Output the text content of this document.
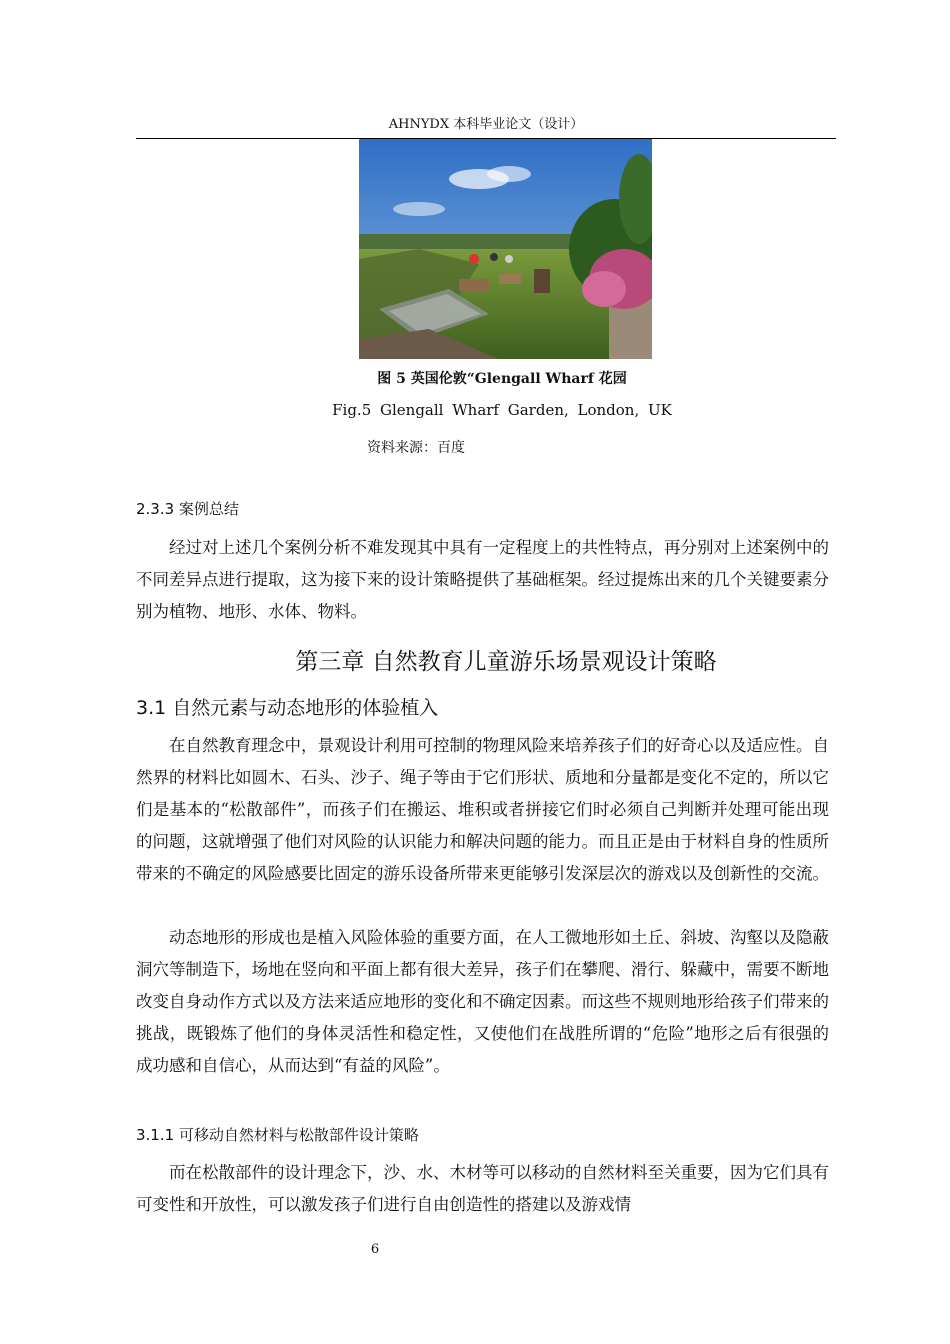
AHNYDX 本科毕业论文（设计）
图 5 英国伦敦“Glengall Wharf 花园
Fig.5 Glengall Wharf Garden, London, UK
资料来源：百度
2.3.3 案例总结

经过对上述几个案例分析不难发现其中具有一定程度上的共性特点，再分别对上述案例中的不同差异点进行提取，这为接下来的设计策略提供了基础框架。经过提炼出来的几个关键要素分别为植物、地形、水体、物料。

第三章 自然教育儿童游乐场景观设计策略
3.1 自然元素与动态地形的体验植入

在自然教育理念中，景观设计利用可控制的物理风险来培养孩子们的好奇心以及适应性。自然界的材料比如圆木、石头、沙子、绳子等由于它们形状、质地和分量都是变化不定的，所以它们是基本的“松散部件”，而孩子们在搬运、堆积或者拼接它们时必须自己判断并处理可能出现的问题，这就增强了他们对风险的认识能力和解决问题的能力。而且正是由于材料自身的性质所带来的不确定的风险感要比固定的游乐设备所带来更能够引发深层次的游戏以及创新性的交流。

动态地形的形成也是植入风险体验的重要方面，在人工微地形如土丘、斜坡、沟壑以及隐蔽洞穴等制造下，场地在竖向和平面上都有很大差异，孩子们在攀爬、滑行、躲藏中，需要不断地改变自身动作方式以及方法来适应地形的变化和不确定因素。而这些不规则地形给孩子们带来的挑战，既锻炼了他们的身体灵活性和稳定性，又使他们在战胜所谓的“危险”地形之后有很强的成功感和自信心，从而达到“有益的风险”。

3.1.1 可移动自然材料与松散部件设计策略

而在松散部件的设计理念下，沙、水、木材等可以移动的自然材料至关重要，因为它们具有可变性和开放性，可以激发孩子们进行自由创造性的搭建以及游戏情

6
